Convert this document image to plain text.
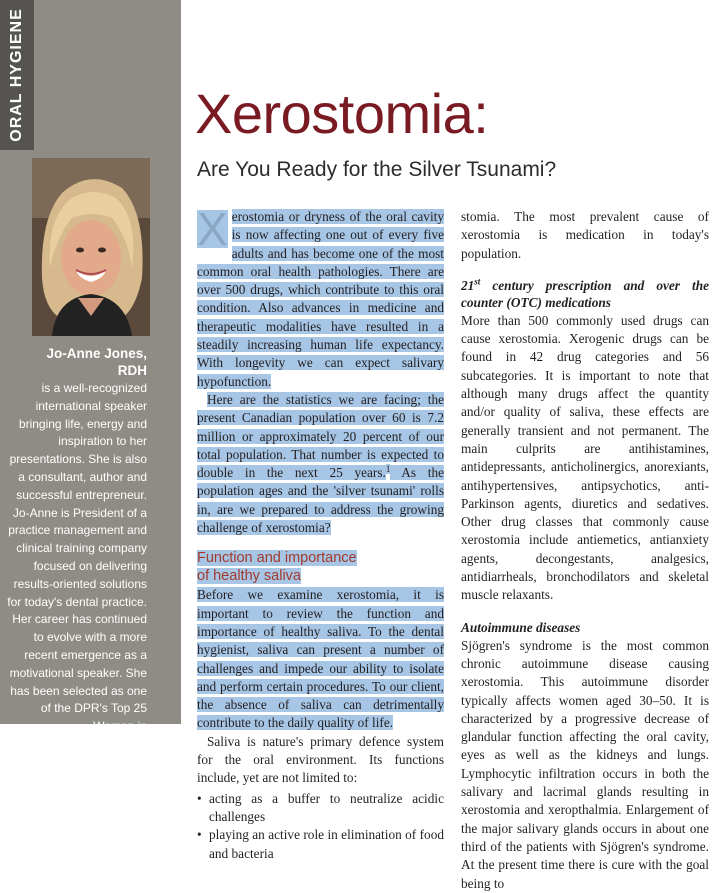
ORAL HYGIENE
Jo-Anne Jones,
RDH
is a well-recognized international speaker bringing life, energy and inspiration to her presentations. She is also a consultant, author and successful entrepreneur. Jo-Anne is President of a practice management and clinical training company focused on delivering results-oriented solutions for today's dental practice. Her career has continued to evolve with a more recent emergence as a motivational speaker. She has been selected as one of the DPR's Top 25 Women in
Xerostomia:
Are You Ready for the Silver Tsunami?

X erostomia or dryness of the oral cavity is now affecting one out of every five adults and has become one of the most common oral health pathologies. There are over 500 drugs, which contribute to this oral condition. Also advances in medicine and therapeutic modalities have resulted in a steadily increasing human life expectancy. With longevity we can expect salivary hypofunction.

Here are the statistics we are facing; the present Canadian population over 60 is 7.2 million or approximately 20 percent of our total population. That number is expected to double in the next 25 years.$^1$ As the population ages and the 'silver tsunami' rolls in, are we prepared to address the growing challenge of xerostomia?

Function and importance
of healthy saliva

Before we examine xerostomia, it is important to review the function and importance of healthy saliva. To the dental hygienist, saliva can present a number of challenges and impede our ability to isolate and perform certain procedures. To our client, the absence of saliva can detrimentally contribute to the daily quality of life.

Saliva is nature's primary defence system for the oral environment. Its functions include, yet are not limited to:

• acting as a buffer to neutralize acidic challenges
• playing an active role in elimination of food and bacteria

stomia. The most prevalent cause of xerostomia is medication in today's population.

21st century prescription and over the counter (OTC) medications

More than 500 commonly used drugs can cause xerostomia. Xerogenic drugs can be found in 42 drug categories and 56 subcategories. It is important to note that although many drugs affect the quantity and/or quality of saliva, these effects are generally transient and not permanent. The main culprits are antihistamines, antidepressants, anticholinergics, anorexiants, antihypertensives, antipsychotics, anti-Parkinson agents, diuretics and sedatives. Other drug classes that commonly cause xerostomia include antiemetics, antianxiety agents, decongestants, analgesics, antidiarrheals, bronchodilators and skeletal muscle relaxants.

Autoimmune diseases

Sjögren's syndrome is the most common chronic autoimmune disease causing xerostomia. This autoimmune disorder typically affects women aged 30–50. It is characterized by a progressive decrease of glandular function affecting the oral cavity, eyes as well as the kidneys and lungs. Lymphocytic infiltration occurs in both the salivary and lacrimal glands resulting in xerostomia and xeropthalmia. Enlargement of the major salivary glands occurs in about one third of the patients with Sjögren's syndrome. At the present time there is cure with the goal being to
